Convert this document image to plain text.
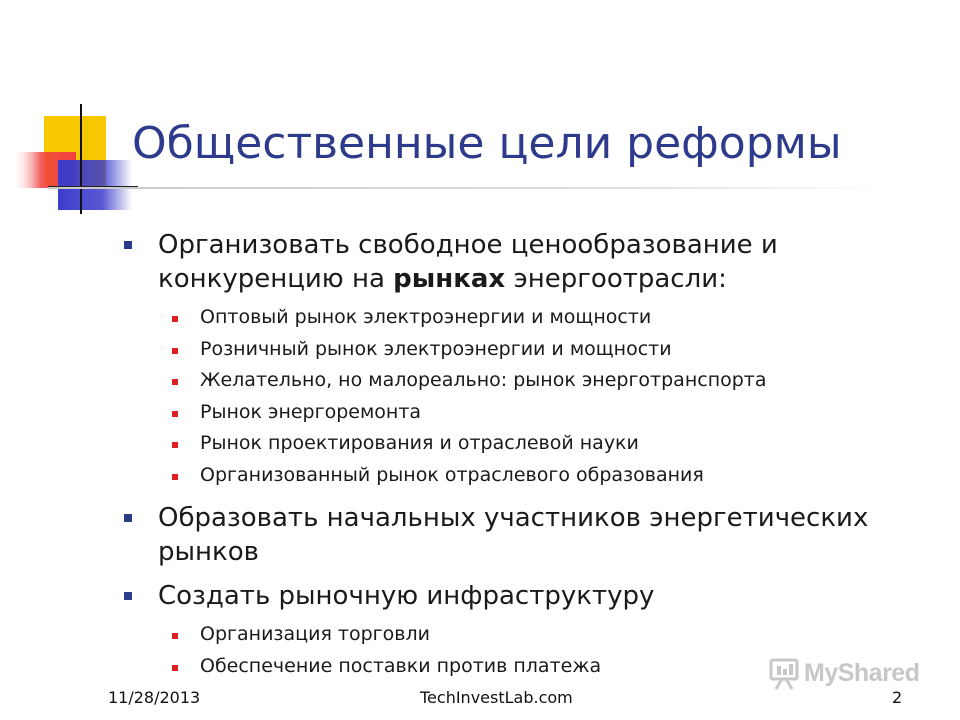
Общественные цели реформы
Организовать свободное ценообразование и конкуренцию на рынках энергоотрасли:
Оптовый рынок электроэнергии и мощности
Розничный рынок электроэнергии и мощности
Желательно, но малореально: рынок энерготранспорта
Рынок энергоремонта
Рынок проектирования и отраслевой науки
Организованный рынок отраслевого образования
Образовать начальных участников энергетических рынков
Создать рыночную инфраструктуру
Организация торговли
Обеспечение поставки против платежа	MyShared
11/28/2013	TechInvestLab.com	2
